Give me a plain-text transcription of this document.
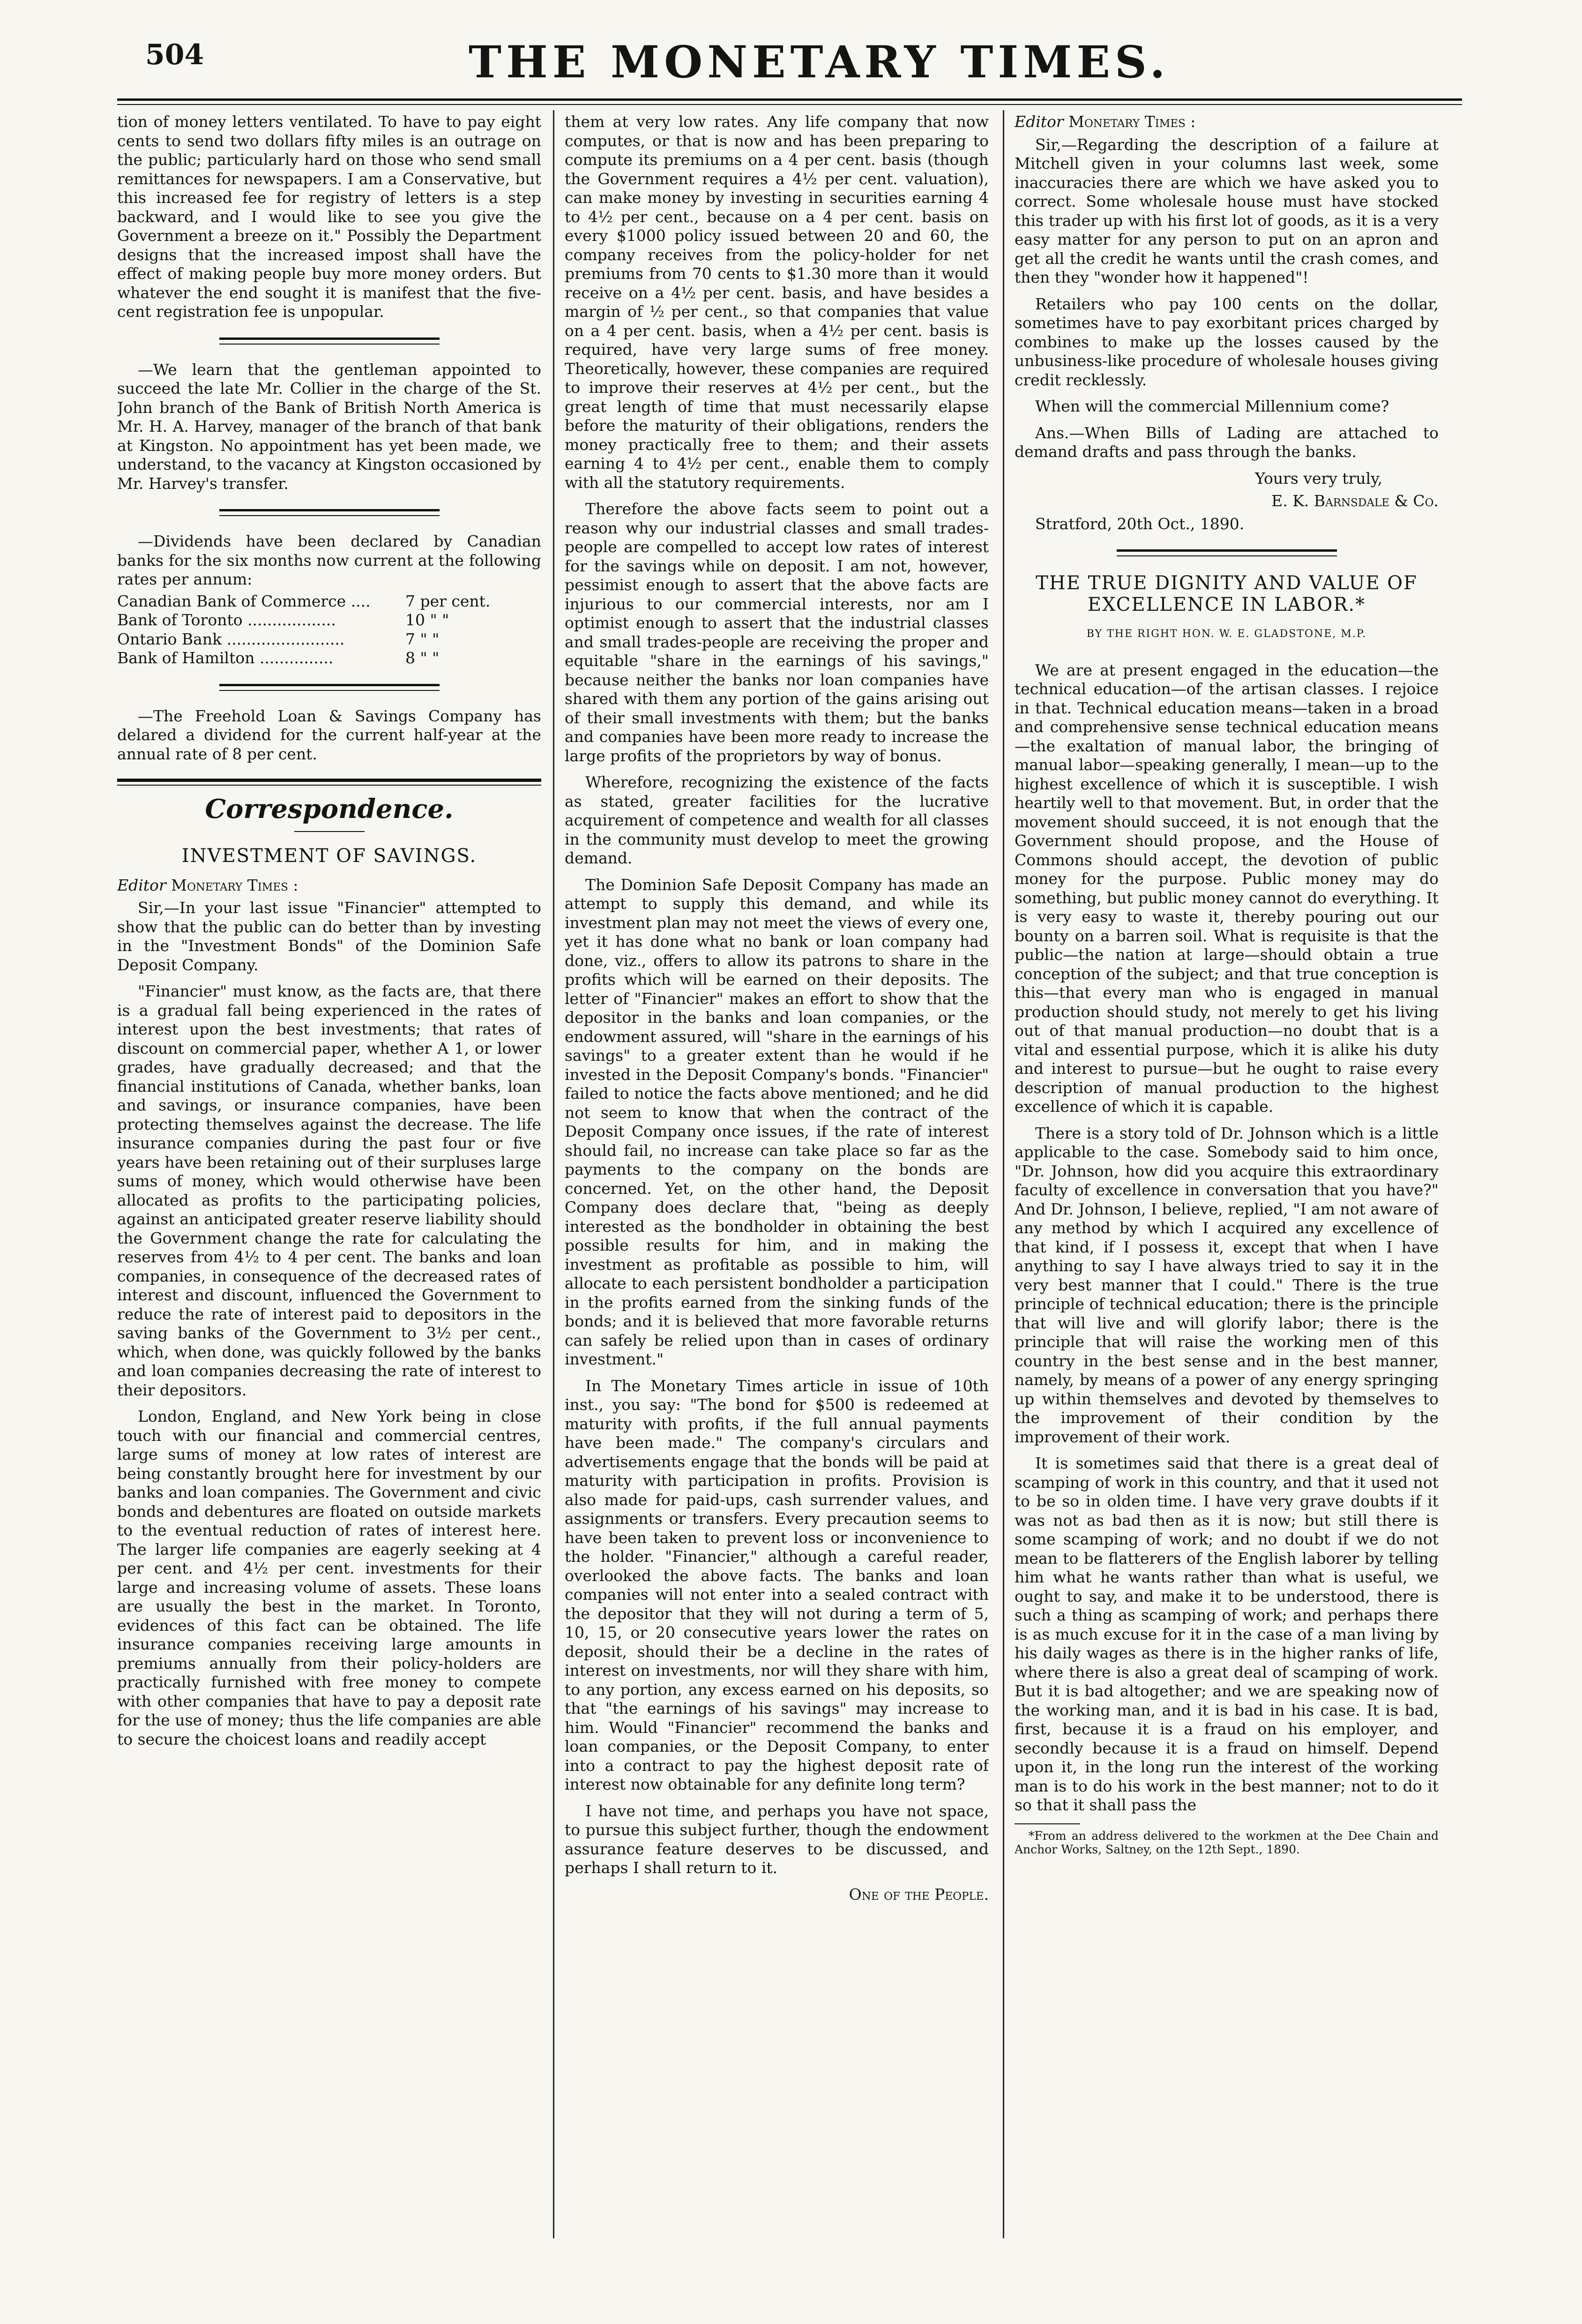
504	THE MONETARY TIMES.

tion of money letters ventilated. To have to pay eight cents to send two dollars fifty miles is an outrage on the public; particularly hard on those who send small remittances for newspapers. I am a Conservative, but this increased fee for registry of letters is a step backward, and I would like to see you give the Government a breeze on it." Possibly the Department designs that the increased impost shall have the effect of making people buy more money orders. But whatever the end sought it is manifest that the five-cent registration fee is unpopular.

—We learn that the gentleman appointed to succeed the late Mr. Collier in the charge of the St. John branch of the Bank of British North America is Mr. H. A. Harvey, manager of the branch of that bank at Kingston. No appointment has yet been made, we understand, to the vacancy at Kingston occasioned by Mr. Harvey's transfer.

—Dividends have been declared by Canadian banks for the six months now current at the following rates per annum:

Canadian Bank of Commerce .... 7 per cent.
Bank of Toronto ..................	10 " "
Ontario Bank ........................	7 " "
Bank of Hamilton ...............	8 " "

—The Freehold Loan & Savings Company has delared a dividend for the current half-year at the annual rate of 8 per cent.

Correspondence.
INVESTMENT OF SAVINGS.

Editor Monetary Times :

Sir,—In your last issue "Financier" attempted to show that the public can do better than by investing in the "Investment Bonds" of the Dominion Safe Deposit Company.

"Financier" must know, as the facts are, that there is a gradual fall being experienced in the rates of interest upon the best investments; that rates of discount on commercial paper, whether A 1, or lower grades, have gradually decreased; and that the financial institutions of Canada, whether banks, loan and savings, or insurance companies, have been protecting themselves against the decrease. The life insurance companies during the past four or five years have been retaining out of their surpluses large sums of money, which would otherwise have been allocated as profits to the participating policies, against an anticipated greater reserve liability should the Government change the rate for calculating the reserves from 4½ to 4 per cent. The banks and loan companies, in consequence of the decreased rates of interest and discount, influenced the Government to reduce the rate of interest paid to depositors in the saving banks of the Government to 3½ per cent., which, when done, was quickly followed by the banks and loan companies decreasing the rate of interest to their depositors.

London, England, and New York being in close touch with our financial and commercial centres, large sums of money at low rates of interest are being constantly brought here for investment by our banks and loan companies. The Government and civic bonds and debentures are floated on outside markets to the eventual reduction of rates of interest here. The larger life companies are eagerly seeking at 4 per cent. and 4½ per cent. investments for their large and increasing volume of assets. These loans are usually the best in the market. In Toronto, evidences of this fact can be obtained. The life insurance companies receiving large amounts in premiums annually from their policy-holders are practically furnished with free money to compete with other companies that have to pay a deposit rate for the use of money; thus the life companies are able to secure the choicest loans and readily accept

them at very low rates. Any life company that now computes, or that is now and has been preparing to compute its premiums on a 4 per cent. basis (though the Government requires a 4½ per cent. valuation), can make money by investing in securities earning 4 to 4½ per cent., because on a 4 per cent. basis on every $1000 policy issued between 20 and 60, the company receives from the policy-holder for net premiums from 70 cents to $1.30 more than it would receive on a 4½ per cent. basis, and have besides a margin of ½ per cent., so that companies that value on a 4 per cent. basis, when a 4½ per cent. basis is required, have very large sums of free money. Theoretically, however, these companies are required to improve their reserves at 4½ per cent., but the great length of time that must necessarily elapse before the maturity of their obligations, renders the money practically free to them; and their assets earning 4 to 4½ per cent., enable them to comply with all the statutory requirements.

Therefore the above facts seem to point out a reason why our industrial classes and small trades-people are compelled to accept low rates of interest for the savings while on deposit. I am not, however, pessimist enough to assert that the above facts are injurious to our commercial interests, nor am I optimist enough to assert that the industrial classes and small trades-people are receiving the proper and equitable "share in the earnings of his savings," because neither the banks nor loan companies have shared with them any portion of the gains arising out of their small investments with them; but the banks and companies have been more ready to increase the large profits of the proprietors by way of bonus.

Wherefore, recognizing the existence of the facts as stated, greater facilities for the lucrative acquirement of competence and wealth for all classes in the community must develop to meet the growing demand.

The Dominion Safe Deposit Company has made an attempt to supply this demand, and while its investment plan may not meet the views of every one, yet it has done what no bank or loan company had done, viz., offers to allow its patrons to share in the profits which will be earned on their deposits. The letter of "Financier" makes an effort to show that the depositor in the banks and loan companies, or the endowment assured, will "share in the earnings of his savings" to a greater extent than he would if he invested in the Deposit Company's bonds. "Financier" failed to notice the facts above mentioned; and he did not seem to know that when the contract of the Deposit Company once issues, if the rate of interest should fail, no increase can take place so far as the payments to the company on the bonds are concerned. Yet, on the other hand, the Deposit Company does declare that, "being as deeply interested as the bondholder in obtaining the best possible results for him, and in making the investment as profitable as possible to him, will allocate to each persistent bondholder a participation in the profits earned from the sinking funds of the bonds; and it is believed that more favorable returns can safely be relied upon than in cases of ordinary investment."

In The Monetary Times article in issue of 10th inst., you say: "The bond for $500 is redeemed at maturity with profits, if the full annual payments have been made." The company's circulars and advertisements engage that the bonds will be paid at maturity with participation in profits. Provision is also made for paid-ups, cash surrender values, and assignments or transfers. Every precaution seems to have been taken to prevent loss or inconvenience to the holder. "Financier," although a careful reader, overlooked the above facts. The banks and loan companies will not enter into a sealed contract with the depositor that they will not during a term of 5, 10, 15, or 20 consecutive years lower the rates on deposit, should their be a decline in the rates of interest on investments, nor will they share with him, to any portion, any excess earned on his deposits, so that "the earnings of his savings" may increase to him. Would "Financier" recommend the banks and loan companies, or the Deposit Company, to enter into a contract to pay the highest deposit rate of interest now obtainable for any definite long term?

I have not time, and perhaps you have not space, to pursue this subject further, though the endowment assurance feature deserves to be discussed, and perhaps I shall return to it.

One of the People.

Editor Monetary Times :

Sir,—Regarding the description of a failure at Mitchell given in your columns last week, some inaccuracies there are which we have asked you to correct. Some wholesale house must have stocked this trader up with his first lot of goods, as it is a very easy matter for any person to put on an apron and get all the credit he wants until the crash comes, and then they "wonder how it happened"!

Retailers who pay 100 cents on the dollar, sometimes have to pay exorbitant prices charged by combines to make up the losses caused by the unbusiness-like procedure of wholesale houses giving credit recklessly.

When will the commercial Millennium come?

Ans.—When Bills of Lading are attached to demand drafts and pass through the banks.

Yours very truly,
E. K. Barnsdale & Co.
Stratford, 20th Oct., 1890.
THE TRUE DIGNITY AND VALUE OF EXCELLENCE IN LABOR.*
BY THE RIGHT HON. W. E. GLADSTONE, M.P.

We are at present engaged in the education—the technical education—of the artisan classes. I rejoice in that. Technical education means—taken in a broad and comprehensive sense technical education means—the exaltation of manual labor, the bringing of manual labor—speaking generally, I mean—up to the highest excellence of which it is susceptible. I wish heartily well to that movement. But, in order that the movement should succeed, it is not enough that the Government should propose, and the House of Commons should accept, the devotion of public money for the purpose. Public money may do something, but public money cannot do everything. It is very easy to waste it, thereby pouring out our bounty on a barren soil. What is requisite is that the public—the nation at large—should obtain a true conception of the subject; and that true conception is this—that every man who is engaged in manual production should study, not merely to get his living out of that manual production—no doubt that is a vital and essential purpose, which it is alike his duty and interest to pursue—but he ought to raise every description of manual production to the highest excellence of which it is capable.

There is a story told of Dr. Johnson which is a little applicable to the case. Somebody said to him once, "Dr. Johnson, how did you acquire this extraordinary faculty of excellence in conversation that you have?" And Dr. Johnson, I believe, replied, "I am not aware of any method by which I acquired any excellence of that kind, if I possess it, except that when I have anything to say I have always tried to say it in the very best manner that I could." There is the true principle of technical education; there is the principle that will live and will glorify labor; there is the principle that will raise the working men of this country in the best sense and in the best manner, namely, by means of a power of any energy springing up within themselves and devoted by themselves to the improvement of their condition by the improvement of their work.

It is sometimes said that there is a great deal of scamping of work in this country, and that it used not to be so in olden time. I have very grave doubts if it was not as bad then as it is now; but still there is some scamping of work; and no doubt if we do not mean to be flatterers of the English laborer by telling him what he wants rather than what is useful, we ought to say, and make it to be understood, there is such a thing as scamping of work; and perhaps there is as much excuse for it in the case of a man living by his daily wages as there is in the higher ranks of life, where there is also a great deal of scamping of work. But it is bad altogether; and we are speaking now of the working man, and it is bad in his case. It is bad, first, because it is a fraud on his employer, and secondly because it is a fraud on himself. Depend upon it, in the long run the interest of the working man is to do his work in the best manner; not to do it so that it shall pass the

*From an address delivered to the workmen at the Dee Chain and Anchor Works, Saltney, on the 12th Sept., 1890.
